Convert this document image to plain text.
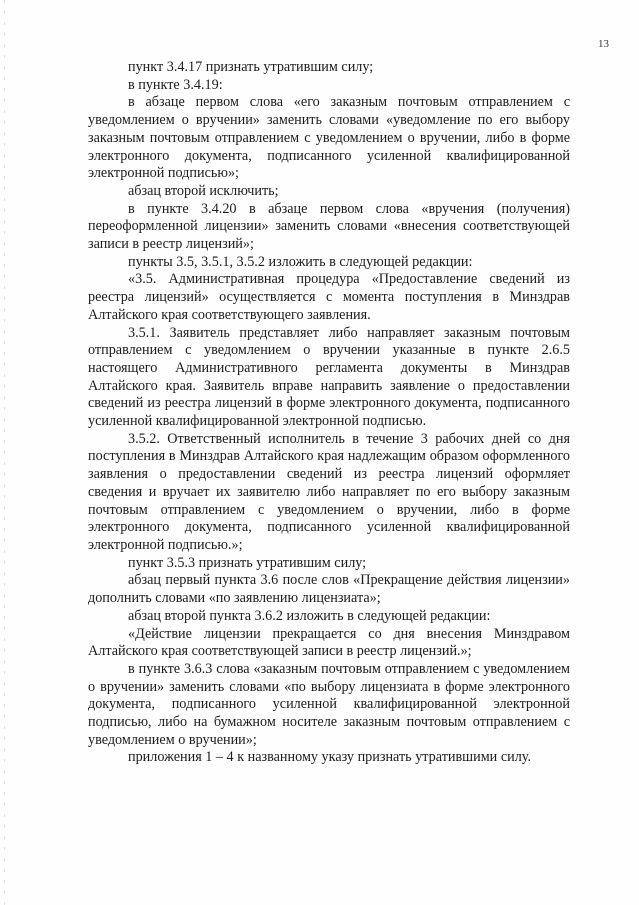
13

пункт 3.4.17 признать утратившим силу;

в пункте 3.4.19:

в абзаце первом слова «его заказным почтовым отправлением с уведомлением о вручении» заменить словами «уведомление по его выбору заказным почтовым отправлением с уведомлением о вручении, либо в форме электронного документа, подписанного усиленной квалифицированной электронной подписью»;

абзац второй исключить;

в пункте 3.4.20 в абзаце первом слова «вручения (получения) переоформленной лицензии» заменить словами «внесения соответствующей записи в реестр лицензий»;

пункты 3.5, 3.5.1, 3.5.2 изложить в следующей редакции:

«3.5. Административная процедура «Предоставление сведений из реестра лицензий» осуществляется с момента поступления в Минздрав Алтайского края соответствующего заявления.

3.5.1. Заявитель представляет либо направляет заказным почтовым отправлением с уведомлением о вручении указанные в пункте 2.6.5 настоящего Административного регламента документы в Минздрав Алтайского края. Заявитель вправе направить заявление о предоставлении сведений из реестра лицензий в форме электронного документа, подписанного усиленной квалифицированной электронной подписью.

3.5.2. Ответственный исполнитель в течение 3 рабочих дней со дня поступления в Минздрав Алтайского края надлежащим образом оформленного заявления о предоставлении сведений из реестра лицензий оформляет сведения и вручает их заявителю либо направляет по его выбору заказным почтовым отправлением с уведомлением о вручении, либо в форме электронного документа, подписанного усиленной квалифицированной электронной подписью.»;

пункт 3.5.3 признать утратившим силу;

абзац первый пункта 3.6 после слов «Прекращение действия лицензии» дополнить словами «по заявлению лицензиата»;

абзац второй пункта 3.6.2 изложить в следующей редакции:

«Действие лицензии прекращается со дня внесения Минздравом Алтайского края соответствующей записи в реестр лицензий.»;

в пункте 3.6.3 слова «заказным почтовым отправлением с уведомлением о вручении» заменить словами «по выбору лицензиата в форме электронного документа, подписанного усиленной квалифицированной электронной подписью, либо на бумажном носителе заказным почтовым отправлением с уведомлением о вручении»;

приложения 1 – 4 к названному указу признать утратившими силу.
